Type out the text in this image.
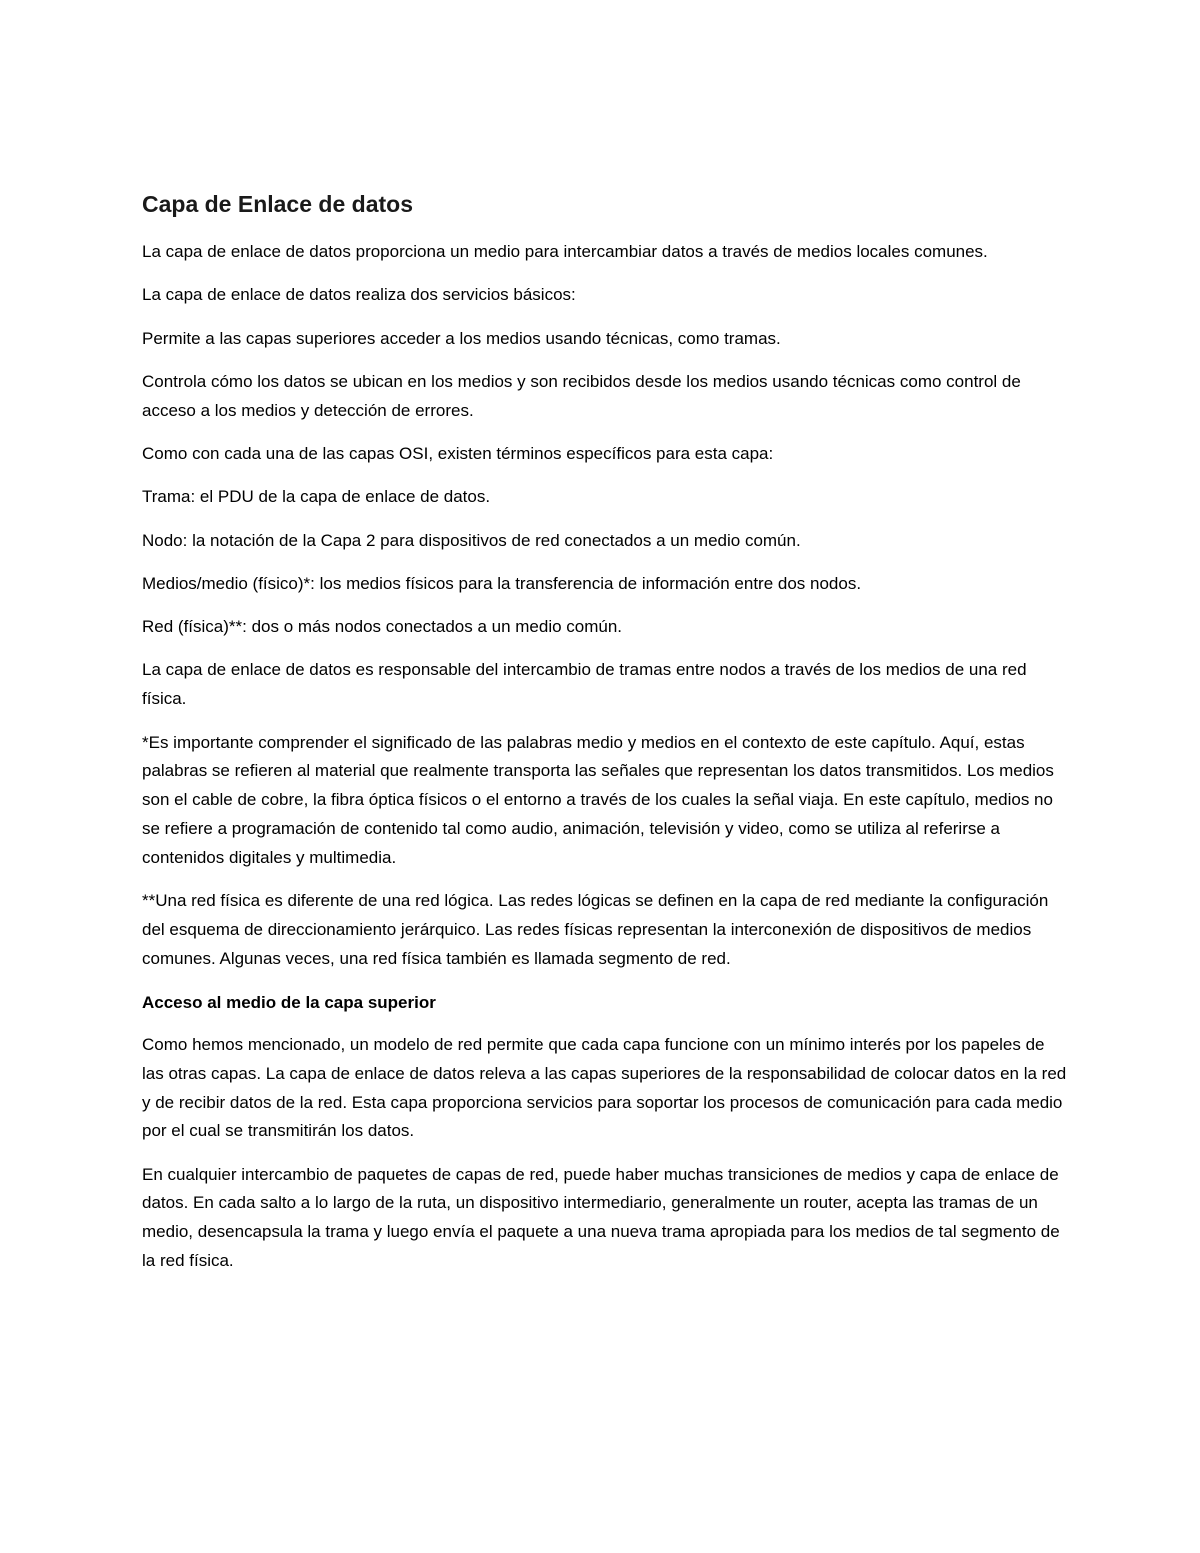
Capa de Enlace de datos

La capa de enlace de datos proporciona un medio para intercambiar datos a través de medios locales comunes.

La capa de enlace de datos realiza dos servicios básicos:

Permite a las capas superiores acceder a los medios usando técnicas, como tramas.

Controla cómo los datos se ubican en los medios y son recibidos desde los medios usando técnicas como control de acceso a los medios y detección de errores.

Como con cada una de las capas OSI, existen términos específicos para esta capa:

Trama: el PDU de la capa de enlace de datos.

Nodo: la notación de la Capa 2 para dispositivos de red conectados a un medio común.

Medios/medio (físico)*: los medios físicos para la transferencia de información entre dos nodos.

Red (física)**: dos o más nodos conectados a un medio común.

La capa de enlace de datos es responsable del intercambio de tramas entre nodos a través de los medios de una red física.

*Es importante comprender el significado de las palabras medio y medios en el contexto de este capítulo. Aquí, estas palabras se refieren al material que realmente transporta las señales que representan los datos transmitidos. Los medios son el cable de cobre, la fibra óptica físicos o el entorno a través de los cuales la señal viaja. En este capítulo, medios no se refiere a programación de contenido tal como audio, animación, televisión y video, como se utiliza al referirse a contenidos digitales y multimedia.

**Una red física es diferente de una red lógica. Las redes lógicas se definen en la capa de red mediante la configuración del esquema de direccionamiento jerárquico. Las redes físicas representan la interconexión de dispositivos de medios comunes. Algunas veces, una red física también es llamada segmento de red.

Acceso al medio de la capa superior

Como hemos mencionado, un modelo de red permite que cada capa funcione con un mínimo interés por los papeles de las otras capas. La capa de enlace de datos releva a las capas superiores de la responsabilidad de colocar datos en la red y de recibir datos de la red. Esta capa proporciona servicios para soportar los procesos de comunicación para cada medio por el cual se transmitirán los datos.

En cualquier intercambio de paquetes de capas de red, puede haber muchas transiciones de medios y capa de enlace de datos. En cada salto a lo largo de la ruta, un dispositivo intermediario, generalmente un router, acepta las tramas de un medio, desencapsula la trama y luego envía el paquete a una nueva trama apropiada para los medios de tal segmento de la red física.
